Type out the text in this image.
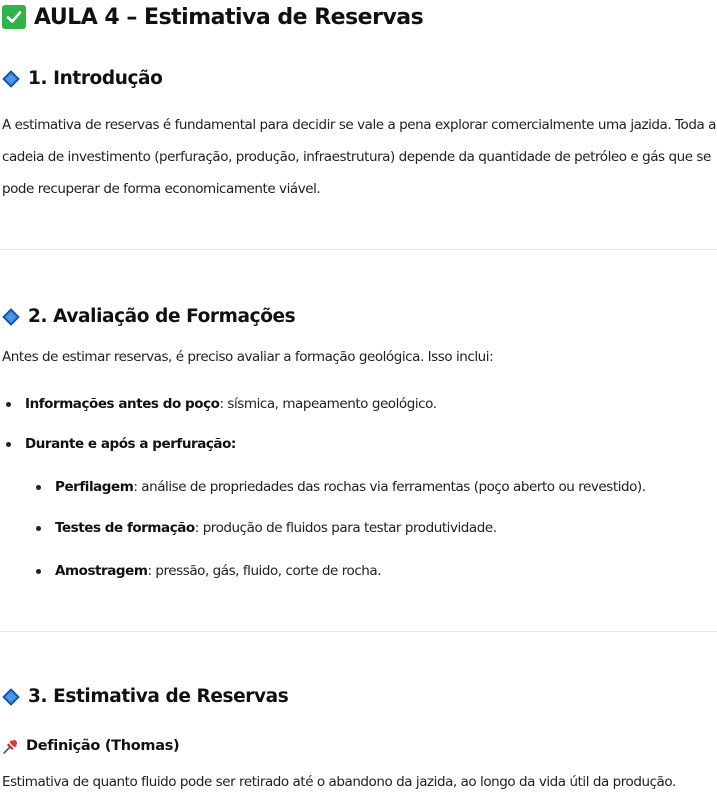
AULA 4 – Estimativa de Reservas
1. Introdução

A estimativa de reservas é fundamental para decidir se vale a pena explorar comercialmente uma jazida. Toda a cadeia de investimento (perfuração, produção, infraestrutura) depende da quantidade de petróleo e gás que se pode recuperar de forma economicamente viável.

2. Avaliação de Formações

Antes de estimar reservas, é preciso avaliar a formação geológica. Isso inclui:

Informações antes do poço : sísmica, mapeamento geológico.
Durante e após a perfuração:
Perfilagem : análise de propriedades das rochas via ferramentas (poço aberto ou revestido).
Testes de formação : produção de fluidos para testar produtividade.
Amostragem : pressão, gás, fluido, corte de rocha.
3. Estimativa de Reservas
Definição (Thomas)

Estimativa de quanto fluido pode ser retirado até o abandono da jazida, ao longo da vida útil da produção.
